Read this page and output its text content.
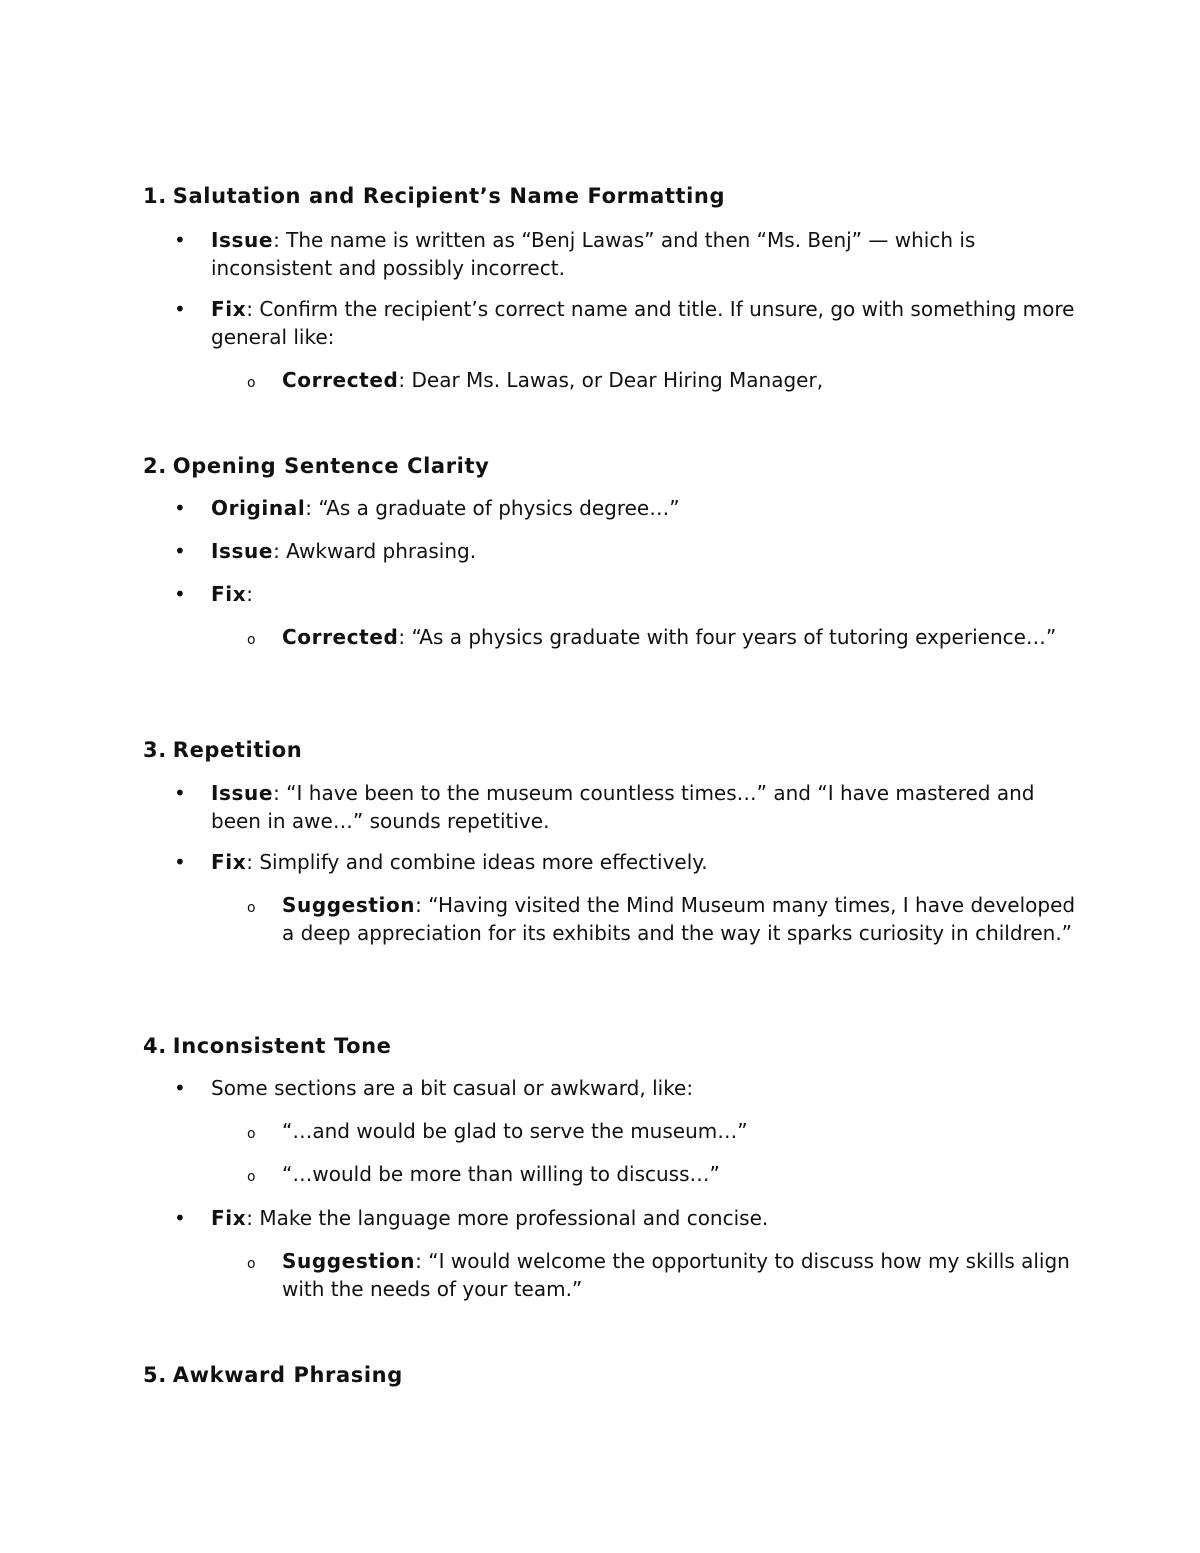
1. Salutation and Recipient’s Name Formatting
• Issue: The name is written as “Benj Lawas” and then “Ms. Benj” — which is inconsistent and possibly incorrect.
• Fix: Confirm the recipient’s correct name and title. If unsure, go with something more general like:
o Corrected: Dear Ms. Lawas, or Dear Hiring Manager,
2. Opening Sentence Clarity
• Original: “As a graduate of physics degree…”
• Issue: Awkward phrasing.
• Fix:
o Corrected: “As a physics graduate with four years of tutoring experience…”
3. Repetition
• Issue: “I have been to the museum countless times…” and “I have mastered and been in awe…” sounds repetitive.
• Fix: Simplify and combine ideas more effectively.
o Suggestion: “Having visited the Mind Museum many times, I have developed a deep appreciation for its exhibits and the way it sparks curiosity in children.”
4. Inconsistent Tone
• Some sections are a bit casual or awkward, like:
o “…and would be glad to serve the museum…”
o “…would be more than willing to discuss…”
• Fix: Make the language more professional and concise.
o Suggestion: “I would welcome the opportunity to discuss how my skills align with the needs of your team.”
5. Awkward Phrasing
